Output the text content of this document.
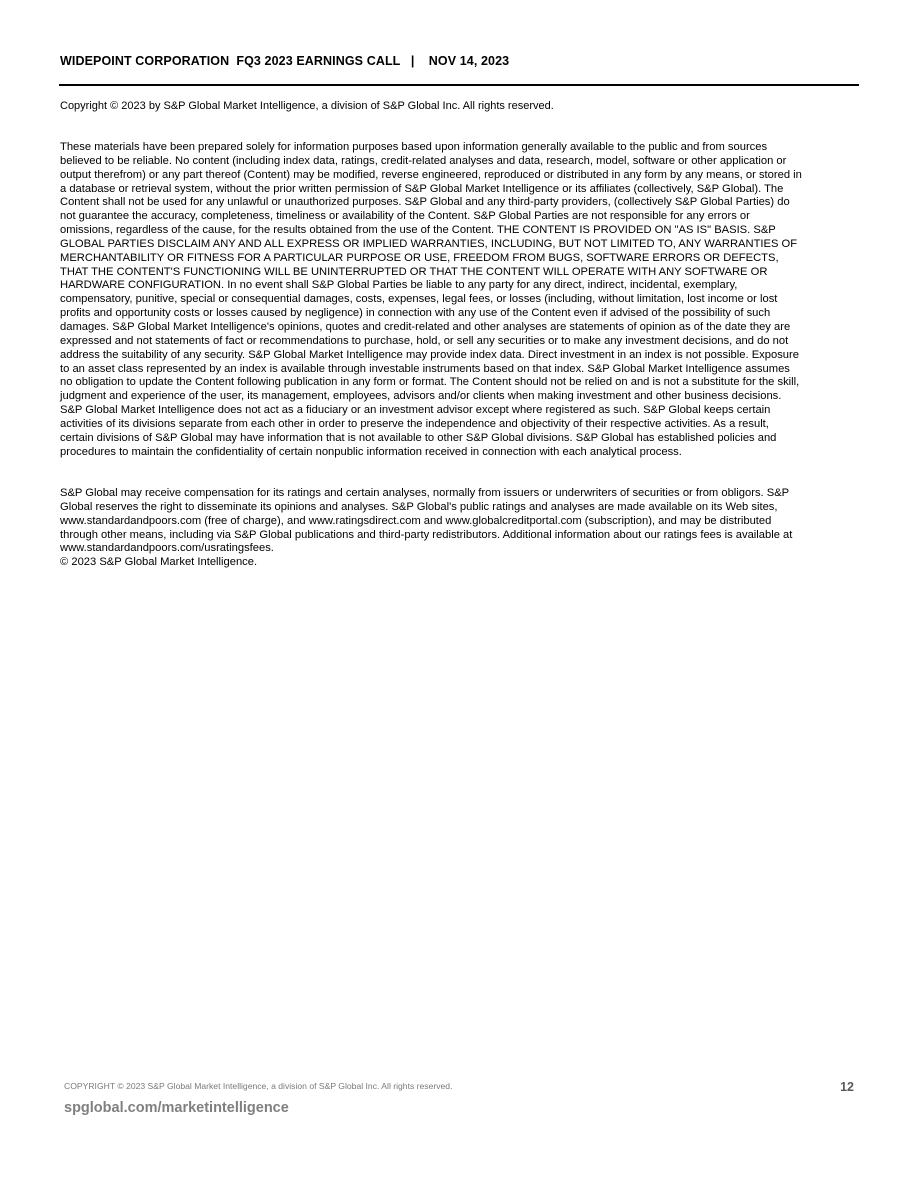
WIDEPOINT CORPORATION  FQ3 2023 EARNINGS CALL   |    NOV 14, 2023
Copyright © 2023 by S&P Global Market Intelligence, a division of S&P Global Inc. All rights reserved.
These materials have been prepared solely for information purposes based upon information generally available to the public and from sources
believed to be reliable. No content (including index data, ratings, credit-related analyses and data, research, model, software or other application or
output therefrom) or any part thereof (Content) may be modified, reverse engineered, reproduced or distributed in any form by any means, or stored in
a database or retrieval system, without the prior written permission of S&P Global Market Intelligence or its affiliates (collectively, S&P Global). The
Content shall not be used for any unlawful or unauthorized purposes. S&P Global and any third-party providers, (collectively S&P Global Parties) do
not guarantee the accuracy, completeness, timeliness or availability of the Content. S&P Global Parties are not responsible for any errors or
omissions, regardless of the cause, for the results obtained from the use of the Content. THE CONTENT IS PROVIDED ON "AS IS" BASIS. S&P
GLOBAL PARTIES DISCLAIM ANY AND ALL EXPRESS OR IMPLIED WARRANTIES, INCLUDING, BUT NOT LIMITED TO, ANY WARRANTIES OF
MERCHANTABILITY OR FITNESS FOR A PARTICULAR PURPOSE OR USE, FREEDOM FROM BUGS, SOFTWARE ERRORS OR DEFECTS,
THAT THE CONTENT'S FUNCTIONING WILL BE UNINTERRUPTED OR THAT THE CONTENT WILL OPERATE WITH ANY SOFTWARE OR
HARDWARE CONFIGURATION. In no event shall S&P Global Parties be liable to any party for any direct, indirect, incidental, exemplary,
compensatory, punitive, special or consequential damages, costs, expenses, legal fees, or losses (including, without limitation, lost income or lost
profits and opportunity costs or losses caused by negligence) in connection with any use of the Content even if advised of the possibility of such
damages. S&P Global Market Intelligence's opinions, quotes and credit-related and other analyses are statements of opinion as of the date they are
expressed and not statements of fact or recommendations to purchase, hold, or sell any securities or to make any investment decisions, and do not
address the suitability of any security. S&P Global Market Intelligence may provide index data. Direct investment in an index is not possible. Exposure
to an asset class represented by an index is available through investable instruments based on that index. S&P Global Market Intelligence assumes
no obligation to update the Content following publication in any form or format. The Content should not be relied on and is not a substitute for the skill,
judgment and experience of the user, its management, employees, advisors and/or clients when making investment and other business decisions.
S&P Global Market Intelligence does not act as a fiduciary or an investment advisor except where registered as such. S&P Global keeps certain
activities of its divisions separate from each other in order to preserve the independence and objectivity of their respective activities. As a result,
certain divisions of S&P Global may have information that is not available to other S&P Global divisions. S&P Global has established policies and
procedures to maintain the confidentiality of certain nonpublic information received in connection with each analytical process.
S&P Global may receive compensation for its ratings and certain analyses, normally from issuers or underwriters of securities or from obligors. S&P
Global reserves the right to disseminate its opinions and analyses. S&P Global's public ratings and analyses are made available on its Web sites,
www.standardandpoors.com (free of charge), and www.ratingsdirect.com and www.globalcreditportal.com (subscription), and may be distributed
through other means, including via S&P Global publications and third-party redistributors. Additional information about our ratings fees is available at
www.standardandpoors.com/usratingsfees.
© 2023 S&P Global Market Intelligence.
COPYRIGHT © 2023 S&P Global Market Intelligence, a division of S&P Global Inc. All rights reserved.
spglobal.com/marketintelligence
12
